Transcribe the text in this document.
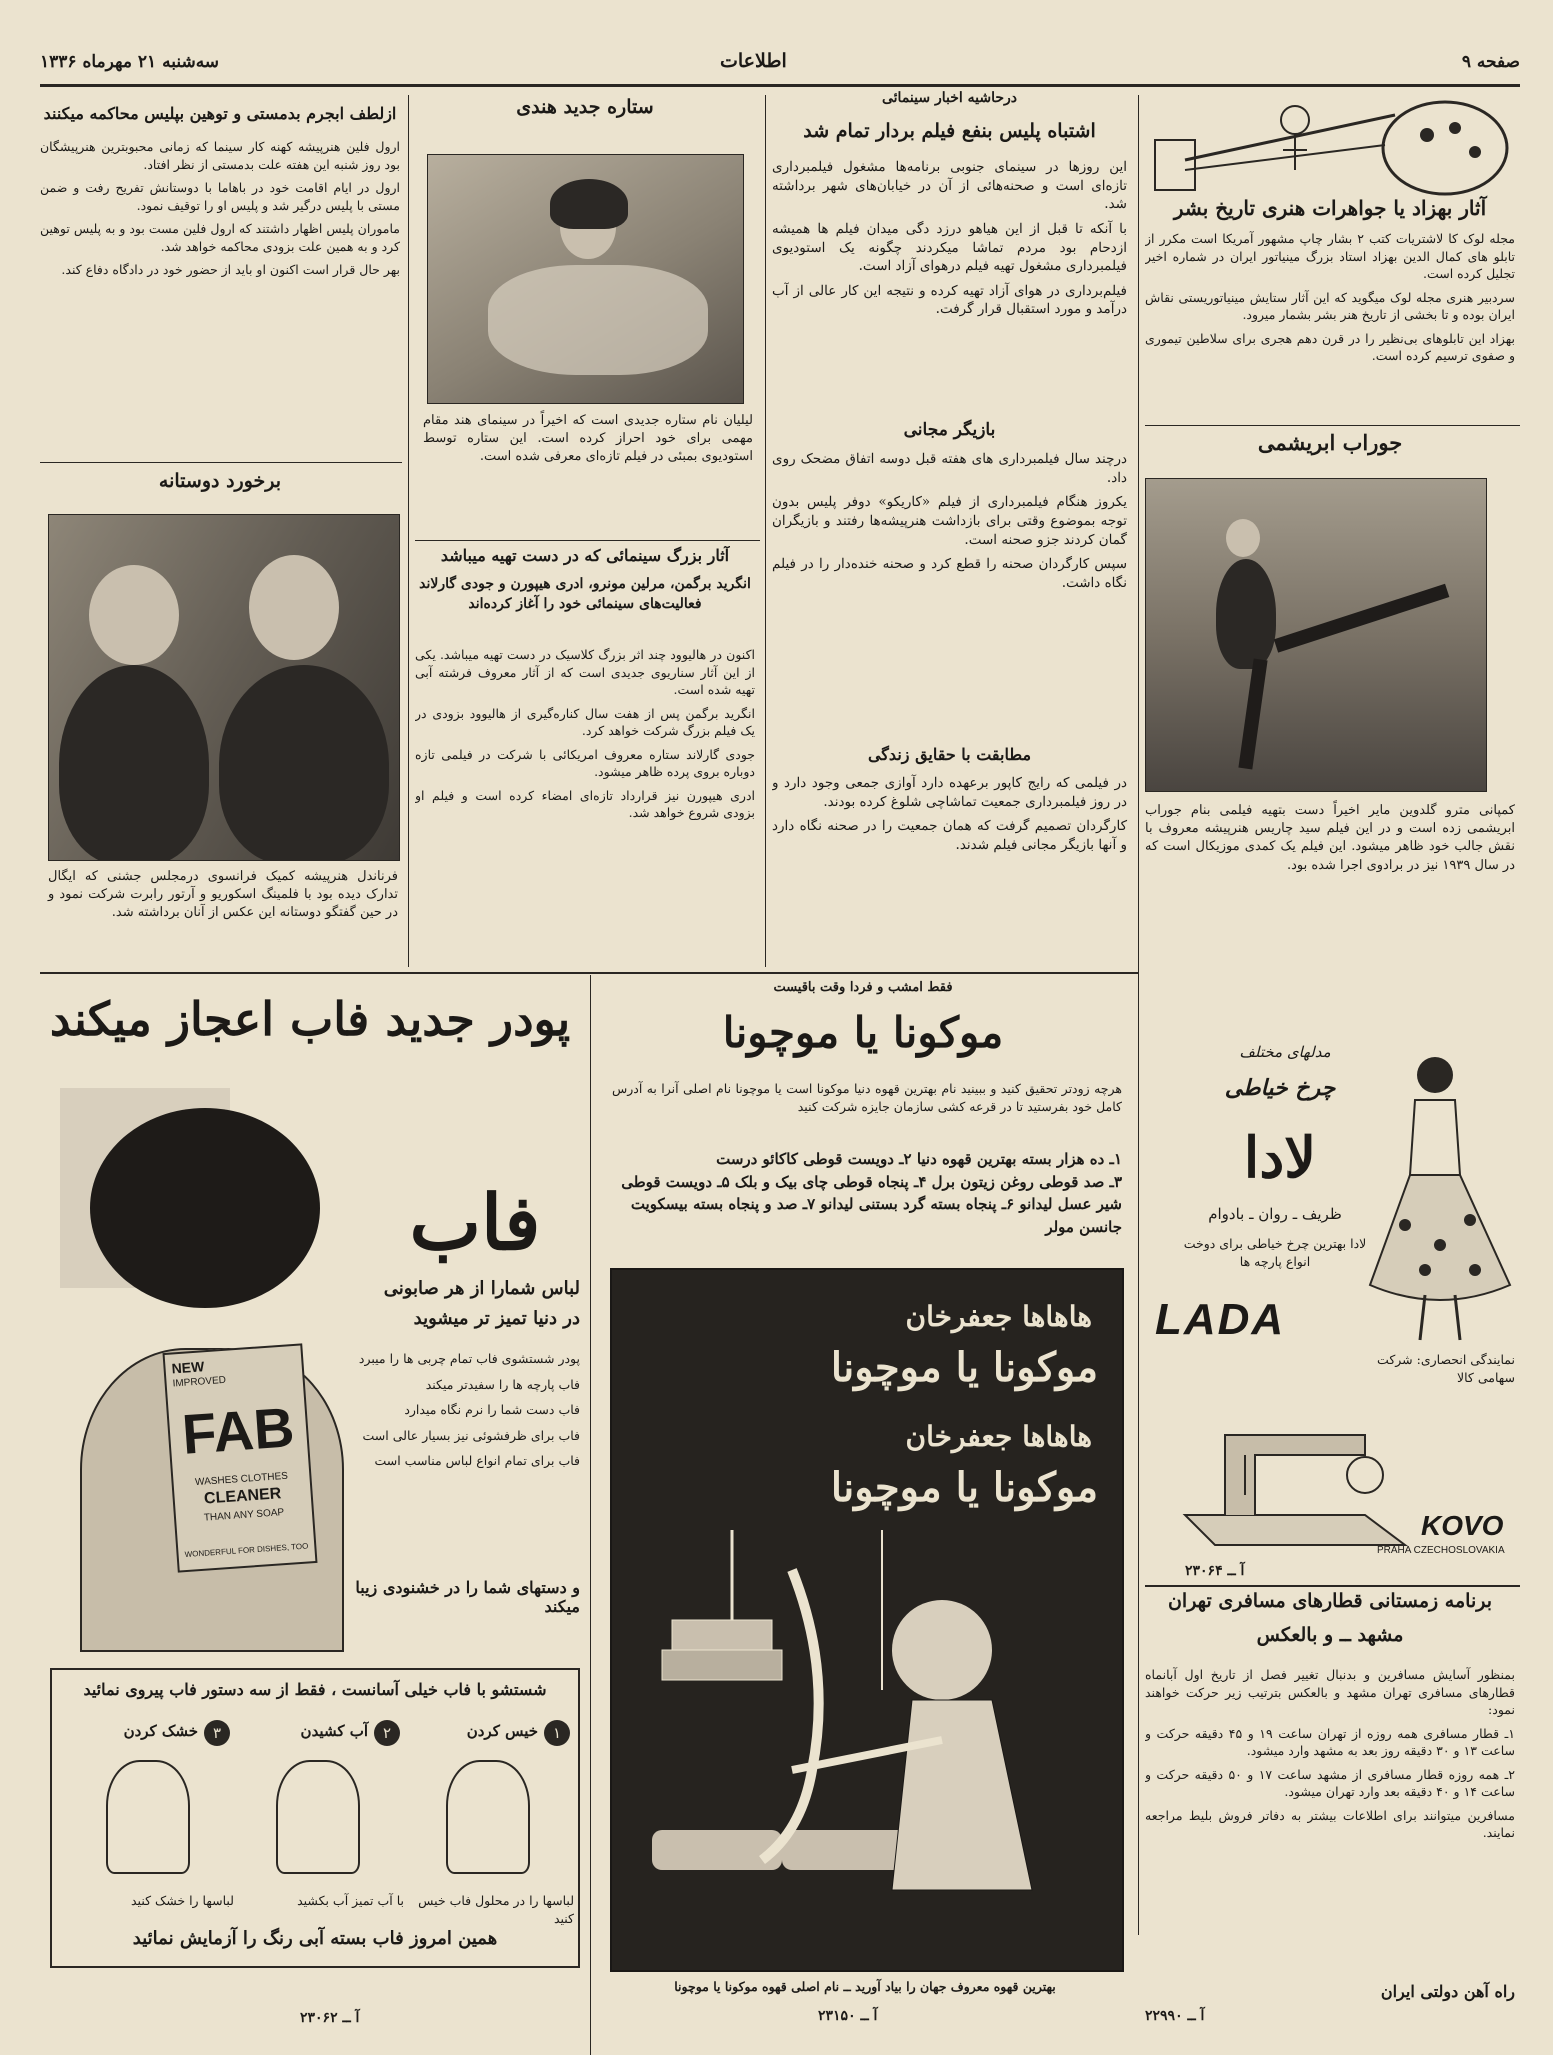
صفحه ۹
اطلاعات
سه‌شنبه ۲۱ مهرماه ۱۳۳۶
آثار بهزاد یا جواهرات هنری تاریخ بشر

مجله لوک کا لاشتریات کتب ۲ بشار چاپ مشهور آمریکا است مکرر از تابلو های کمال الدین بهزاد استاد بزرگ مینیاتور ایران در شماره اخیر تجلیل کرده است.

سردبیر هنری مجله لوک میگوید که این آثار ستایش مینیاتوریستی نقاش ایران بوده و تا بخشی از تاریخ هنر بشر بشمار میرود.

بهزاد این تابلوهای بی‌نظیر را در قرن دهم هجری برای سلاطین تیموری و صفوی ترسیم کرده است.

جوراب ابریشمی
کمپانی مترو گلدوین مایر اخیراً دست بتهیه فیلمی بنام جوراب ابریشمی زده است و در این فیلم سید چاریس هنرپیشه معروف با نقش جالب خود ظاهر میشود. این فیلم یک کمدی موزیکال است که در سال ۱۹۳۹ نیز در برادوی اجرا شده بود.
درحاشیه اخبار سینمائی
اشتباه پلیس بنفع فیلم بردار تمام شد

این روزها در سینمای جنوبی برنامه‌ها مشغول فیلمبرداری تازه‌ای است و صحنه‌هائی از آن در خیابان‌های شهر برداشته شد.

با آنکه تا قبل از این هیاهو درزد دگی میدان فیلم ها همیشه ازدحام بود مردم تماشا میکردند چگونه یک استودیوی فیلمبرداری مشغول تهیه فیلم درهوای آزاد است.

فیلم‌برداری در هوای آزاد تهیه کرده و نتیجه این کار عالی از آب درآمد و مورد استقبال قرار گرفت.

بازیگر مجانی

درچند سال فیلمبرداری های هفته قبل دوسه اتفاق مضحک روی داد.

یکروز هنگام فیلمبرداری از فیلم «کاریکو» دوفر پلیس بدون توجه بموضوع وقتی برای بازداشت هنرپیشه‌ها رفتند و بازیگران گمان کردند جزو صحنه است.

سپس کارگردان صحنه را قطع کرد و صحنه خنده‌دار را در فیلم نگاه داشت.

مطابقت با حقایق زندگی

در فیلمی که رایج کاپور برعهده دارد آوازی جمعی وجود دارد و در روز فیلمبرداری جمعیت تماشاچی شلوغ کرده بودند.

کارگردان تصمیم گرفت که همان جمعیت را در صحنه نگاه دارد و آنها بازیگر مجانی فیلم شدند.

ستاره جدید هندی
لیلیان نام ستاره جدیدی است که اخیراً در سینمای هند مقام مهمی برای خود احراز کرده است. این ستاره توسط استودیوی بمبئی در فیلم تازه‌ای معرفی شده است.
آثار بزرگ سینمائی که در دست تهیه میباشد
انگرید برگمن، مرلین مونرو، ادری هیپورن و جودی گارلاند فعالیت‌های سینمائی خود را آغاز کرده‌اند

اکنون در هالیوود چند اثر بزرگ کلاسیک در دست تهیه میباشد. یکی از این آثار سناریوی جدیدی است که از آثار معروف فرشته آبی تهیه شده است.

انگرید برگمن پس از هفت سال کناره‌گیری از هالیوود بزودی در یک فیلم بزرگ شرکت خواهد کرد.

جودی گارلاند ستاره معروف امریکائی با شرکت در فیلمی تازه دوباره بروی پرده ظاهر میشود.

ادری هیپورن نیز قرارداد تازه‌ای امضاء کرده است و فیلم او بزودی شروع خواهد شد.

ازلطف ابجرم بدمستی و توهین بپلیس محاکمه میکنند

ارول فلین هنرپیشه کهنه کار سینما که زمانی محبوبترین هنرپیشگان بود روز شنبه این هفته علت بدمستی از نظر افتاد.

ارول در ایام اقامت خود در باهاما با دوستانش تفریح رفت و ضمن مستی با پلیس درگیر شد و پلیس او را توقیف نمود.

ماموران پلیس اظهار داشتند که ارول فلین مست بود و به پلیس توهین کرد و به همین علت بزودی محاکمه خواهد شد.

بهر حال قرار است اکنون او باید از حضور خود در دادگاه دفاع کند.

برخورد دوستانه
فرناندل هنرپیشه کمیک فرانسوی درمجلس جشنی که ایگال تدارک دیده بود با فلمینگ اسکوریو و آرتور رابرت شرکت نمود و در حین گفتگو دوستانه این عکس از آنان برداشته شد.
پودر جدید فاب اعجاز میکند
NEW
IMPROVED
FAB
WASHES CLOTHES
CLEANER
THAN ANY SOAP
WONDERFUL FOR DISHES, TOO
فاب
لباس شمارا از هر صابونی
در دنیا تمیز تر میشوید
پودر شستشوی فاب تمام چربی ها را میبرد
فاب پارچه ها را سفیدتر میکند
فاب دست شما را نرم نگاه میدارد
فاب برای ظرفشوئی نیز بسیار عالی است
فاب برای تمام انواع لباس مناسب است
و دستهای شما را در خشنودی زیبا میکند
شستشو با فاب خیلی آسانست ، فقط از سه دستور فاب پیروی نمائید
۱
خیس کردن
۲
آب کشیدن
۳
خشک کردن
لباسها را در محلول فاب خیس کنید
با آب تمیز آب بکشید
لباسها را خشک کنید
همین امروز فاب بسته آبی رنگ را آزمایش نمائید
آ ــ ۲۳۰۶۲
فقط امشب و فردا وقت باقیست
موکونا یا موچونا
هرچه زودتر تحقیق کنید و ببینید نام بهترین قهوه دنیا موکونا است یا موچونا نام اصلی آنرا به آدرس کامل خود بفرستید تا در قرعه کشی سازمان جایزه شرکت کنید
۱ـ ده هزار بسته بهترین قهوه دنیا ۲ـ دویست قوطی کاکائو درست
۳ـ صد قوطی روغن زیتون برل ۴ـ پنجاه قوطی چای بیک و بلک ۵ـ دویست قوطی
شیر عسل لیدانو ۶ـ پنجاه بسته گرد بستنی لیدانو ۷ـ صد و پنجاه بسته بیسکویت
جانسن مولر
هاهاها جعفرخان
موکونا یا موچونا
هاهاها جعفرخان
موکونا یا موچونا
بهترین قهوه معروف جهان را بیاد آورید ــ نام اصلی قهوه موکونا یا موچونا
آ ــ ۲۳۱۵۰
مدلهای مختلف
چرخ خیاطی
لادا
ظریف ـ روان ـ بادوام
لادا بهترین چرخ خیاطی برای دوخت انواع پارچه ها
LADA
نمایندگی انحصاری: شرکت سهامی کالا
KOVO
PRAHA CZECHOSLOVAKIA
آ ــ ۲۳۰۶۴
برنامه زمستانی قطارهای مسافری تهران
مشهد ــ و بالعکس

بمنظور آسایش مسافرین و بدنبال تغییر فصل از تاریخ اول آبانماه قطارهای مسافری تهران مشهد و بالعکس بترتیب زیر حرکت خواهند نمود:

۱ـ قطار مسافری همه روزه از تهران ساعت ۱۹ و ۴۵ دقیقه حرکت و ساعت ۱۳ و ۳۰ دقیقه روز بعد به مشهد وارد میشود.

۲ـ همه روزه قطار مسافری از مشهد ساعت ۱۷ و ۵۰ دقیقه حرکت و ساعت ۱۴ و ۴۰ دقیقه بعد وارد تهران میشود.

مسافرین میتوانند برای اطلاعات بیشتر به دفاتر فروش بلیط مراجعه نمایند.

راه آهن دولتی ایران
آ ــ ۲۲۹۹۰
